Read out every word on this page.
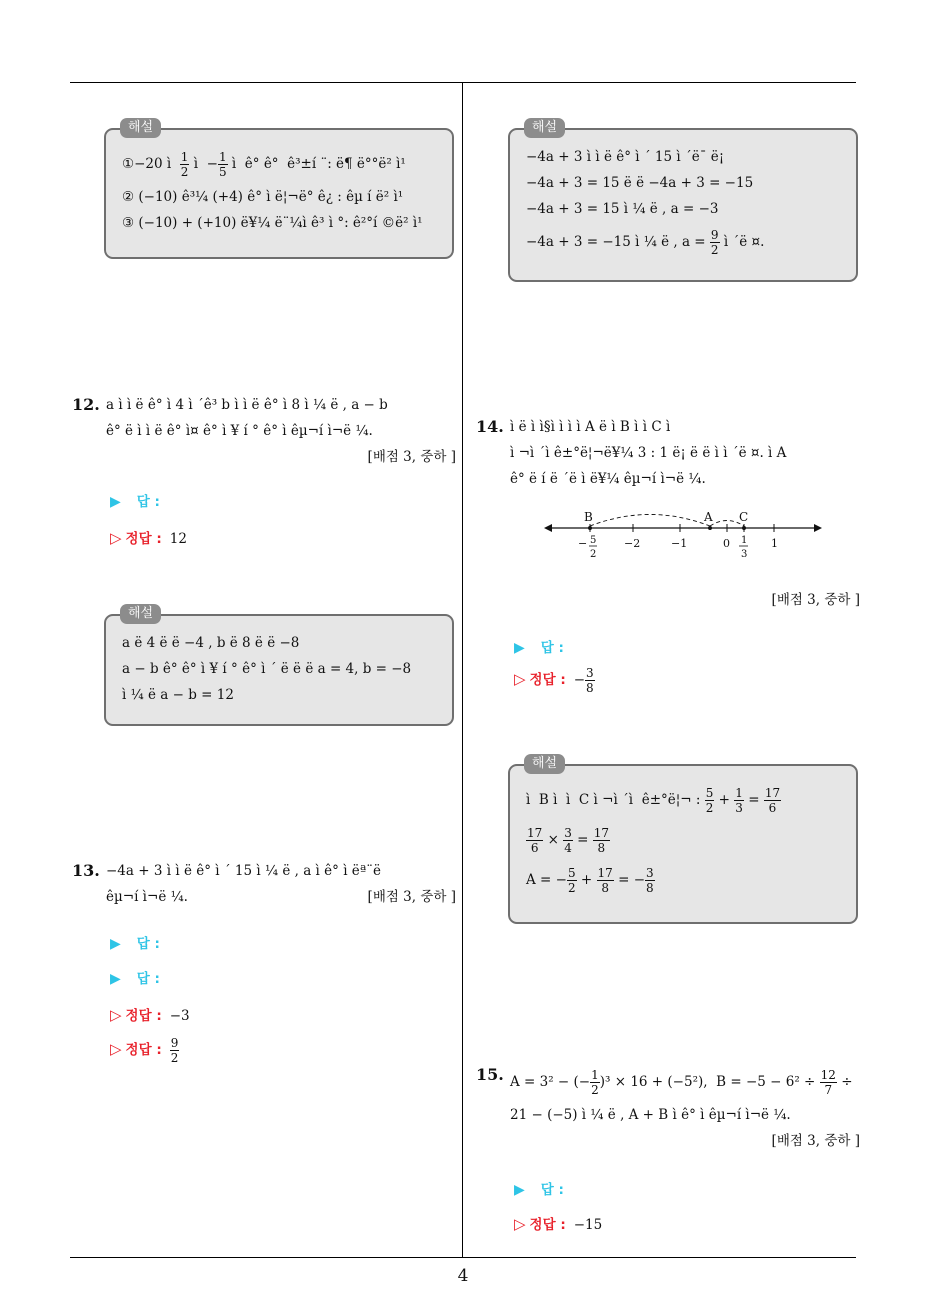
해설
①−20 ì $\frac{1}{2}$ ì  − $\frac{1}{5}$ ì  ê° ê°  ê³±í ¨: ë¶ ë°°ë² ì¹
② (−10) ê³¼ (+4) ê° ì ë¦¬ë° ê¿ : êµ í ë² ì¹
③ (−10) + (+10) ë¥¼ ë¨¼ì ê³ ì °: ê²°í ©ë² ì¹
12. a ì ì ë ê° ì 4 ì ´ê³ b ì ì ë ê° ì 8 ì ¼ ë , a − b
ê° ë ì ì ë ê° ì¤ ê° ì ¥ í ° ê° ì êµ¬í ì¬ë ¼.
[배점 3, 중하 ]
▶ 답 :
▷ 정답 : 12
해설
a ë 4 ë ë −4 , b ë 8 ë ë −8
a − b ê° ê° ì ¥ í ° ê° ì ´ ë ë ë a = 4, b = −8
ì ¼ ë a − b = 12
13. −4a + 3 ì ì ë ê° ì ´ 15 ì ¼ ë , a ì ê° ì ëª¨ë
êµ¬í ì¬ë ¼.	[배점 3, 중하 ]
▶ 답 :
▶ 답 :
▷ 정답 : −3
▷ 정답 : $\frac{9}{2}$
해설
−4a + 3 ì ì ë ê° ì ´ 15 ì ´ë¯ ë¡
−4a + 3 = 15 ë ë −4a + 3 = −15
−4a + 3 = 15 ì ¼ ë , a = −3
−4a + 3 = −15 ì ¼ ë , $a = \frac{9}{2}$ ì ´ë ¤.
14. ì ë ì ì§ì ì ì ì A ë ì B ì ì C ì
ì ¬ì ´ì ê±°ë¦¬ë¥¼ 3 : 1 ë¡ ë ë ì ì ´ë ¤. ì A
ê° ë í ë ´ë ì ë¥¼ êµ¬í ì¬ë ¼.
B	A C
− 5
2
−2	−1	0 1
3
1
[배점 3, 중하 ]
▶ 답 :
▷ 정답 : − $\frac{3}{8}$
해설
ì  B ì  ì  C ì ¬ì ´ì  ê±°ë¦¬ : $\frac{5}{2} + \frac{1}{3} = \frac{17}{6}$
$\frac{17}{6} \times \frac{3}{4} = \frac{17}{8}$
A = − $\frac{5}{2} + \frac{17}{8}$ = − $\frac{3}{8}$
15. A = 3² − (− $\frac{1}{2} )^3 \times 16 + (-5^2)$,  $B = -5 - 6^2 \div \frac{12}{7}$ ÷
21 − (−5) ì ¼ ë , A + B ì ê° ì êµ¬í ì¬ë ¼.
[배점 3, 중하 ]
▶ 답 :
▷ 정답 : −15
4
